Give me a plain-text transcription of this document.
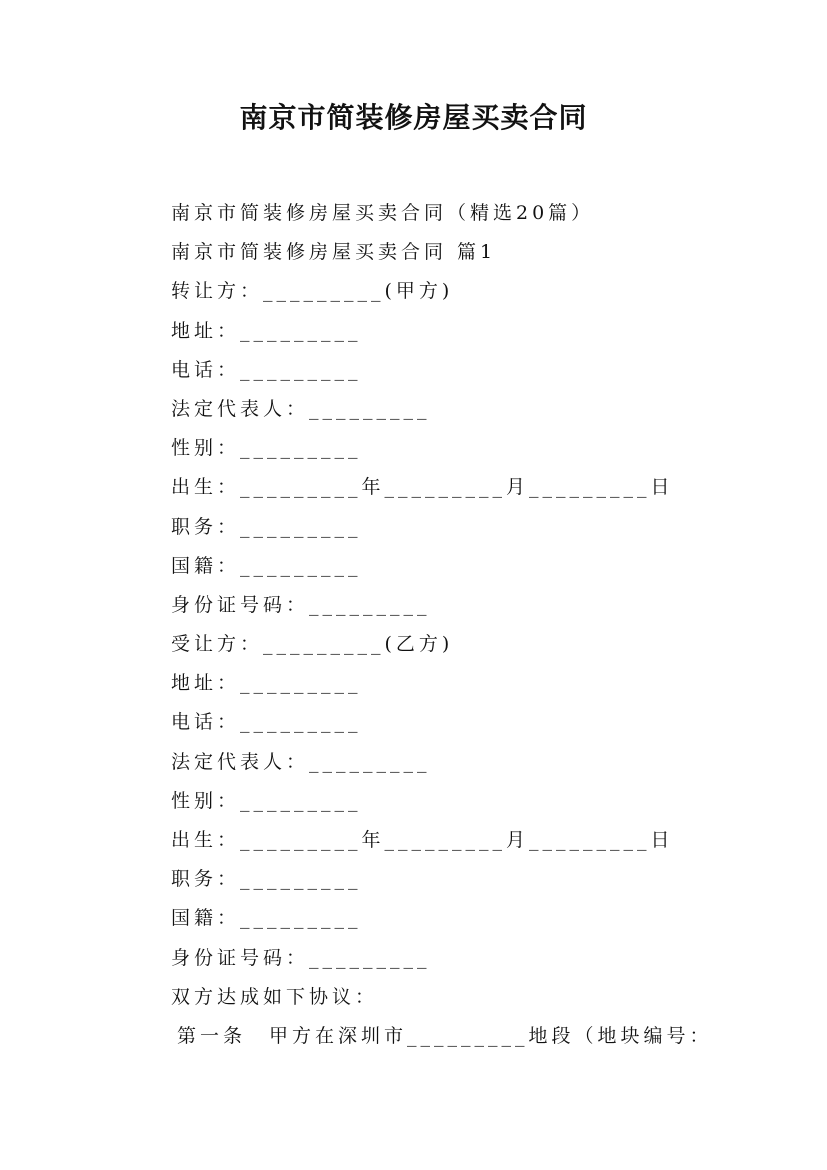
南京市简装修房屋买卖合同
南京市简装修房屋买卖合同（精选20篇）
南京市简装修房屋买卖合同 篇1
转让方：_________(甲方)
地址：_________
电话：_________
法定代表人：_________
性别：_________
出生：_________年_________月_________日
职务：_________
国籍：_________
身份证号码：_________
受让方：_________(乙方)
地址：_________
电话：_________
法定代表人：_________
性别：_________
出生：_________年_________月_________日
职务：_________
国籍：_________
身份证号码：_________
双方达成如下协议：
第一条　甲方在深圳市_________地段（地块编号：
